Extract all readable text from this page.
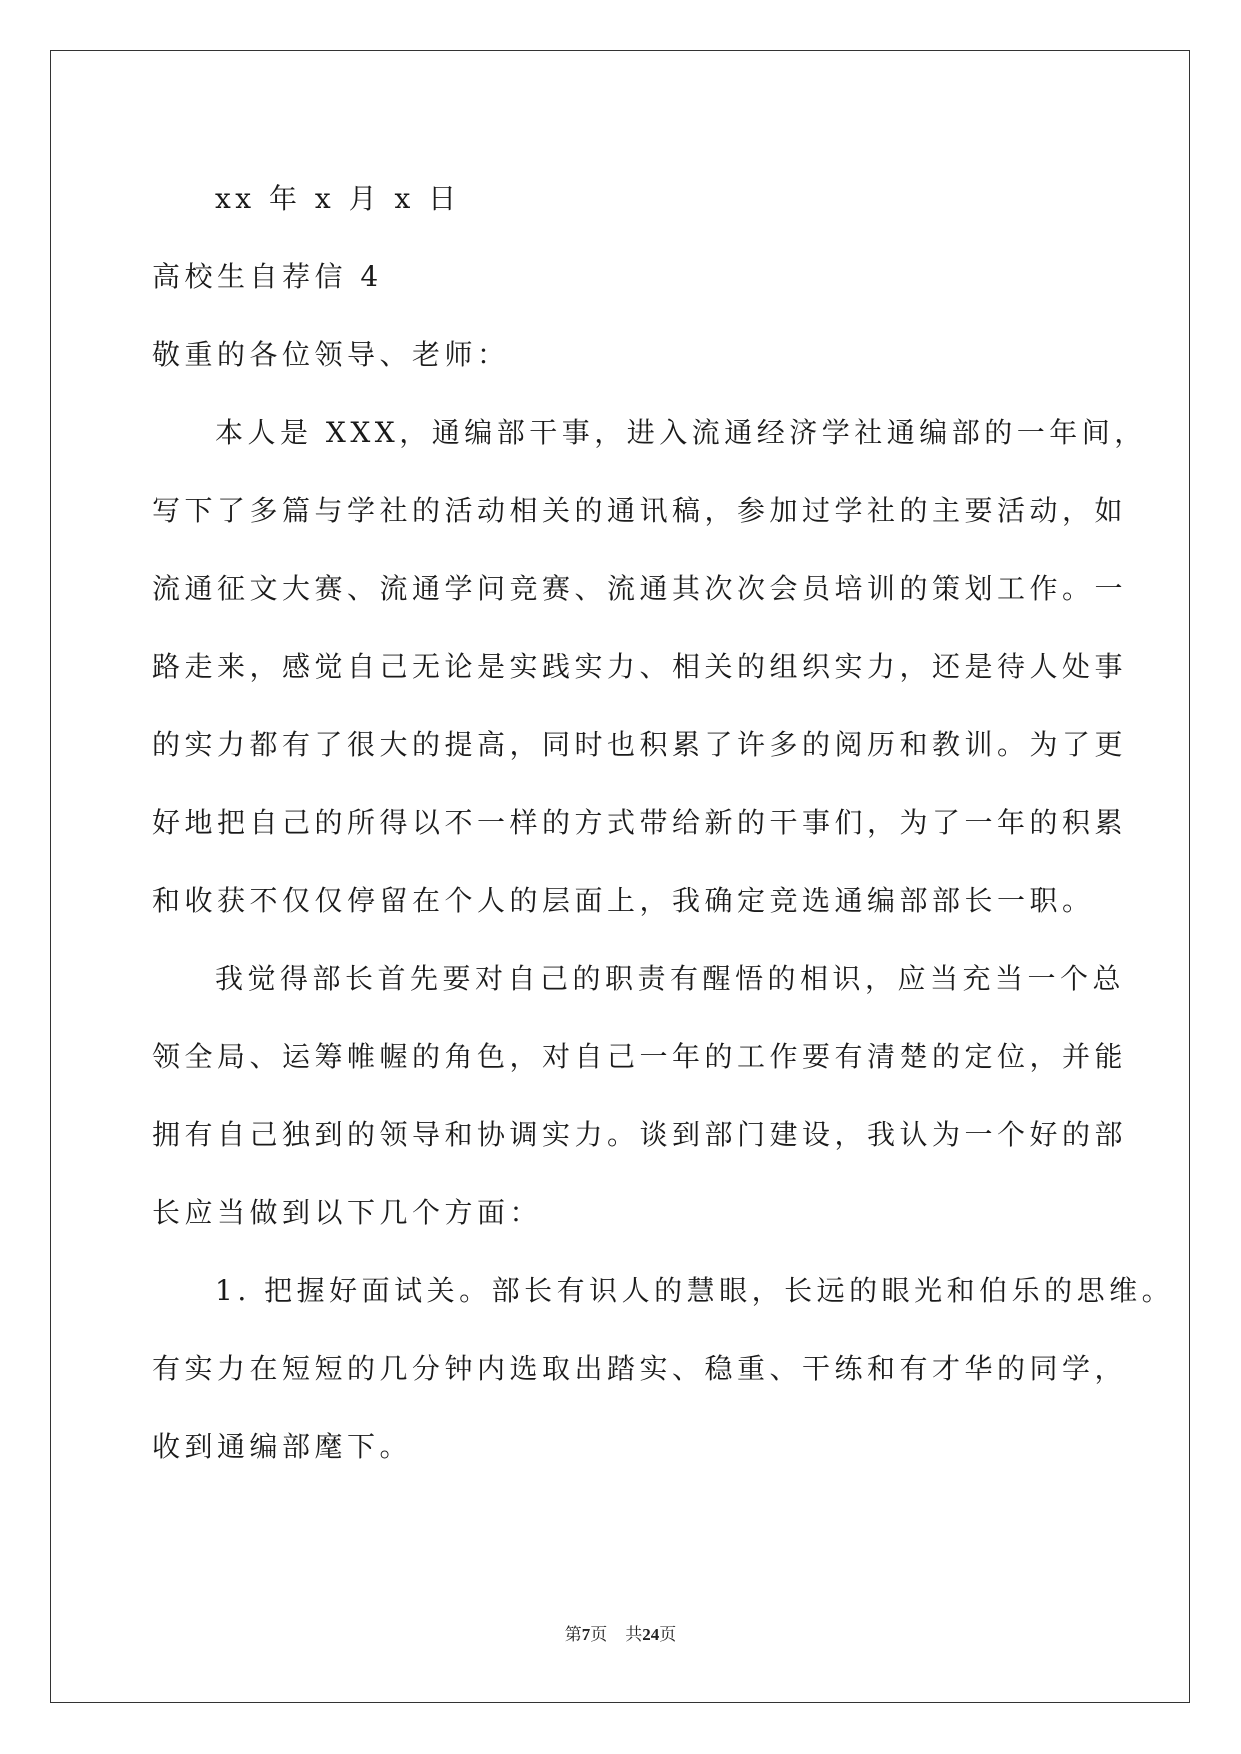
xx 年 x 月 x 日
高校生自荐信 4
敬重的各位领导、老师：
本人是 XXX，通编部干事，进入流通经济学社通编部的一年间，
写下了多篇与学社的活动相关的通讯稿，参加过学社的主要活动，如
流通征文大赛、流通学问竞赛、流通其次次会员培训的策划工作。一
路走来，感觉自己无论是实践实力、相关的组织实力，还是待人处事
的实力都有了很大的提高，同时也积累了许多的阅历和教训。为了更
好地把自己的所得以不一样的方式带给新的干事们，为了一年的积累
和收获不仅仅停留在个人的层面上，我确定竞选通编部部长一职。
我觉得部长首先要对自己的职责有醒悟的相识，应当充当一个总
领全局、运筹帷幄的角色，对自己一年的工作要有清楚的定位，并能
拥有自己独到的领导和协调实力。谈到部门建设，我认为一个好的部
长应当做到以下几个方面：
1. 把握好面试关。部长有识人的慧眼，长远的眼光和伯乐的思维。
有实力在短短的几分钟内选取出踏实、稳重、干练和有才华的同学，
收到通编部麾下。
第7页 共24页
